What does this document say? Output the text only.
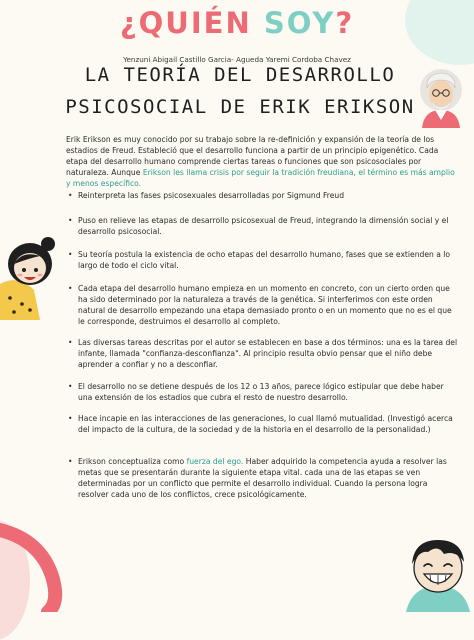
¿QUIÉN SOY?
Yenzuni Abigail Castillo Garcia- Agueda Yaremi Cordoba Chavez
LA TEORÍA DEL DESARROLLO
PSICOSOCIAL DE ERIK ERIKSON
Erik Erikson es muy conocido por su trabajo sobre la re-definición y expansión de la teoría de los estadios de Freud. Estableció que el desarrollo funciona a partir de un principio epigenético. Cada etapa del desarrollo humano comprende ciertas tareas o funciones que son psicosociales por naturaleza. Aunque Erikson les llama crisis por seguir la tradición freudiana, el término es más amplio y menos específico.
• Reinterpreta las fases psicosexuales desarrolladas por Sigmund Freud
• Puso en relieve las etapas de desarrollo psicosexual de Freud, integrando la dimensión social y el desarrollo psicosocial.
• Su teoría postula la existencia de ocho etapas del desarrollo humano, fases que se extienden a lo largo de todo el ciclo vital.
• Cada etapa del desarrollo humano empieza en un momento en concreto, con un cierto orden que ha sido determinado por la naturaleza a través de la genética. Si interferimos con este orden natural de desarrollo empezando una etapa demasiado pronto o en un momento que no es el que le corresponde, destruimos el desarrollo al completo.
• Las diversas tareas descritas por el autor se establecen en base a dos términos: una es la tarea del infante, llamada "confianza-desconfianza". Al principio resulta obvio pensar que el niño debe aprender a confiar y no a desconfiar.
• El desarrollo no se detiene después de los 12 o 13 años, parece lógico estipular que debe haber una extensión de los estadios que cubra el resto de nuestro desarrollo.
• Hace incapie en las interacciones de las generaciones, lo cual llamó mutualidad. (Investigó acerca del impacto de la cultura, de la sociedad y de la historia en el desarrollo de la personalidad.)
• Erikson conceptualiza como fuerza del ego. Haber adquirido la competencia ayuda a resolver las metas que se presentarán durante la siguiente etapa vital. cada una de las etapas se ven determinadas por un conflicto que permite el desarrollo individual. Cuando la persona logra resolver cada uno de los conflictos, crece psicológicamente.
